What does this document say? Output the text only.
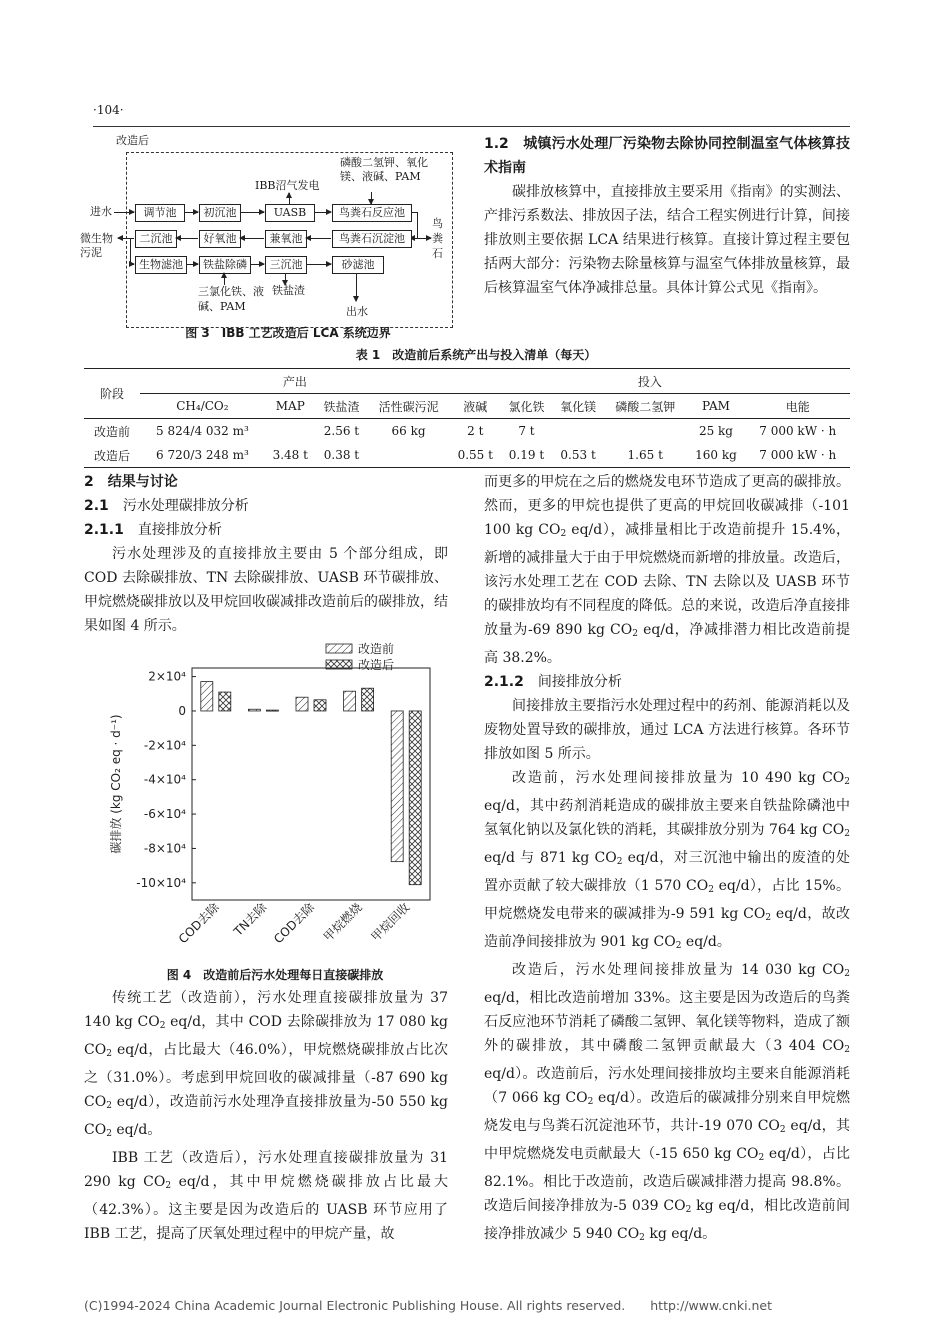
·104·
改造后
磷酸二氢钾、氧化
镁、液碱、PAM
IBB沼气发电
进水	调节池	初沉池	UASB	鸟粪石反应池
微生物
污泥
二沉池	好氧池	兼氧池	鸟粪石沉淀池
鸟
粪
石
生物滤池	铁盐除磷	三沉池	砂滤池
三氯化铁、液
碱、PAM
铁盐渣
出水
图 3　IBB 工艺改造后 LCA 系统边界
1.2　城镇污水处理厂污染物去除协同控制温室气体核算技术指南
碳排放核算中，直接排放主要采用《指南》的实测法、产排污系数法、排放因子法，结合工程实例进行计算，间接排放则主要依据 LCA 结果进行核算。直接计算过程主要包括两大部分：污染物去除量核算与温室气体排放量核算，最后核算温室气体净减排总量。具体计算公式见《指南》。
表 1　改造前后系统产出与投入清单（每天）
阶段	产出				投入					
	CH₄/CO₂	MAP	铁盐渣	活性碳污泥	液碱	氯化铁	氧化镁	磷酸二氢钾	PAM	电能
改造前	5 824/4 032 m³		2.56 t	66 kg	2 t	7 t			25 kg	7 000 kW · h
改造后	6 720/3 248 m³	3.48 t	0.38 t		0.55 t	0.19 t	0.53 t	1.65 t	160 kg	7 000 kW · h
2　结果与讨论
2.1 污水处理碳排放分析
2.1.1 直接排放分析
污水处理涉及的直接排放主要由 5 个部分组成，即 COD 去除碳排放、TN 去除碳排放、UASB 环节碳排放、甲烷燃烧碳排放以及甲烷回收碳减排改造前后的碳排放，结果如图 4 所示。
2×10⁴
0
-2×10⁴
-4×10⁴
-6×10⁴
-8×10⁴
-10×10⁴
COD去除 TN去除 COD去除 甲烷燃烧 甲烷回收
碳排放 (kg CO₂ eq · d⁻¹)
改造前
改造后
图 4　改造前后污水处理每日直接碳排放
传统工艺（改造前），污水处理直接碳排放量为 37 140 kg $CO_2$ eq/d，其中 COD 去除碳排放为 17 080 kg $CO_2$ eq/d，占比最大（46.0%），甲烷燃烧碳排放占比次之（31.0%）。考虑到甲烷回收的碳减排量（-87 690 kg $CO_2$ eq/d），改造前污水处理净直接排放量为-50 550 kg $CO_2$ eq/d。
IBB 工艺（改造后），污水处理直接碳排放量为 31 290 kg $CO_2$ eq/d，其中甲烷燃烧碳排放占比最大（42.3%）。这主要是因为改造后的 UASB 环节应用了 IBB 工艺，提高了厌氧处理过程中的甲烷产量，故
而更多的甲烷在之后的燃烧发电环节造成了更高的碳排放。然而，更多的甲烷也提供了更高的甲烷回收碳减排（-101 100 kg $CO_2$ eq/d），减排量相比于改造前提升 15.4%，新增的减排量大于由于甲烷燃烧而新增的排放量。改造后，该污水处理工艺在 COD 去除、TN 去除以及 UASB 环节的碳排放均有不同程度的降低。总的来说，改造后净直接排放量为-69 890 kg $CO_2$ eq/d，净减排潜力相比改造前提高 38.2%。
2.1.2 间接排放分析
间接排放主要指污水处理过程中的药剂、能源消耗以及废物处置导致的碳排放，通过 LCA 方法进行核算。各环节排放如图 5 所示。
改造前，污水处理间接排放量为 10 490 kg $CO_2$ eq/d，其中药剂消耗造成的碳排放主要来自铁盐除磷池中氢氧化钠以及氯化铁的消耗，其碳排放分别为 764 kg $CO_2$ eq/d 与 871 kg $CO_2$ eq/d，对三沉池中输出的废渣的处置亦贡献了较大碳排放（1 570 $CO_2$ eq/d），占比 15%。甲烷燃烧发电带来的碳减排为-9 591 kg $CO_2$ eq/d，故改造前净间接排放为 901 kg $CO_2$ eq/d。
改造后，污水处理间接排放量为 14 030 kg $CO_2$ eq/d，相比改造前增加 33%。这主要是因为改造后的鸟粪石反应池环节消耗了磷酸二氢钾、氧化镁等物料，造成了额外的碳排放，其中磷酸二氢钾贡献最大（3 404 $CO_2$ eq/d）。改造前后，污水处理间接排放均主要来自能源消耗（7 066 kg $CO_2$ eq/d）。改造后的碳减排分别来自甲烷燃烧发电与鸟粪石沉淀池环节，共计-19 070 $CO_2$ eq/d，其中甲烷燃烧发电贡献最大（-15 650 kg $CO_2$ eq/d），占比 82.1%。相比于改造前，改造后碳减排潜力提高 98.8%。改造后间接净排放为-5 039 $CO_2$ kg eq/d，相比改造前间接净排放减少 5 940 $CO_2$ kg eq/d。
(C)1994-2024 China Academic Journal Electronic Publishing House. All rights reserved.　　http://www.cnki.net
